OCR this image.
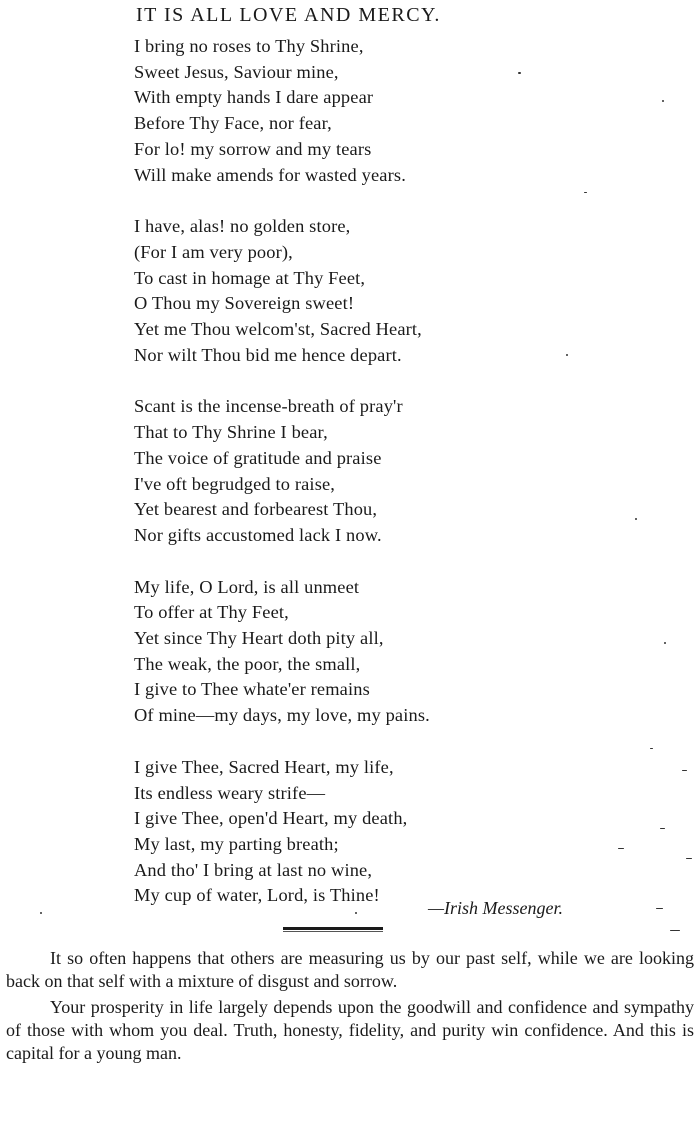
IT IS ALL LOVE AND MERCY.
I bring no roses to Thy Shrine,
Sweet Jesus, Saviour mine,
With empty hands I dare appear
Before Thy Face, nor fear,
For lo! my sorrow and my tears
Will make amends for wasted years.
I have, alas! no golden store,
(For I am very poor),
To cast in homage at Thy Feet,
O Thou my Sovereign sweet!
Yet me Thou welcom'st, Sacred Heart,
Nor wilt Thou bid me hence depart.
Scant is the incense-breath of pray'r
That to Thy Shrine I bear,
The voice of gratitude and praise
I've oft begrudged to raise,
Yet bearest and forbearest Thou,
Nor gifts accustomed lack I now.
My life, O Lord, is all unmeet
To offer at Thy Feet,
Yet since Thy Heart doth pity all,
The weak, the poor, the small,
I give to Thee whate'er remains
Of mine—my days, my love, my pains.
I give Thee, Sacred Heart, my life,
Its endless weary strife—
I give Thee, open'd Heart, my death,
My last, my parting breath;
And tho' I bring at last no wine,
My cup of water, Lord, is Thine!
—Irish Messenger.

It so often happens that others are measuring us by our past self, while we are looking back on that self with a mixture of disgust and sorrow.

Your prosperity in life largely depends upon the goodwill and confidence and sympathy of those with whom you deal. Truth, honesty, fidelity, and purity win confidence. And this is capital for a young man.
